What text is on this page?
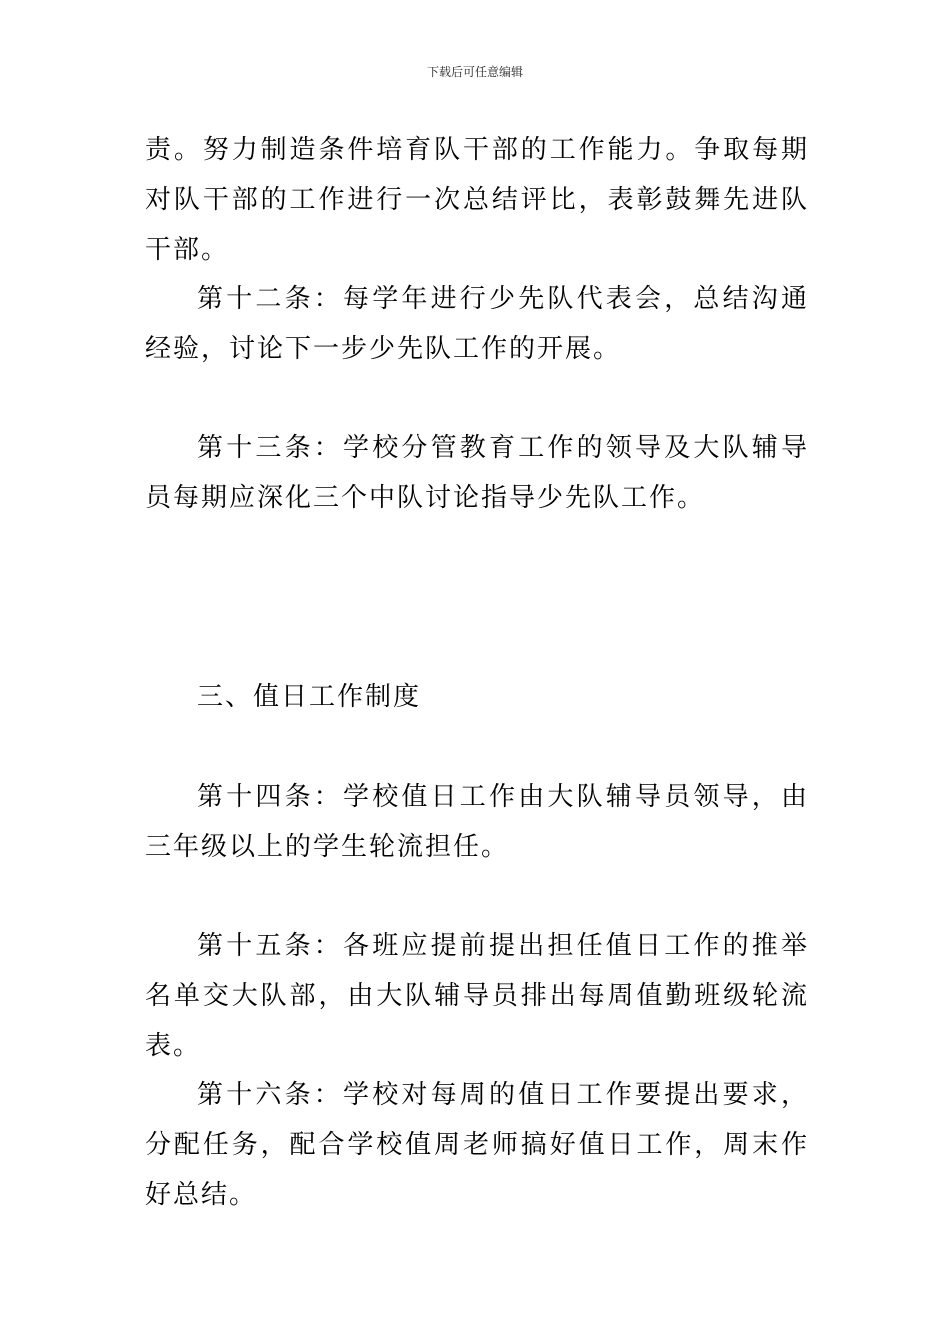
下载后可任意编辑

责。努力制造条件培育队干部的工作能力。争取每期对队干部的工作进行一次总结评比，表彰鼓舞先进队干部。

第十二条：每学年进行少先队代表会，总结沟通经验，讨论下一步少先队工作的开展。

第十三条：学校分管教育工作的领导及大队辅导员每期应深化三个中队讨论指导少先队工作。

三、值日工作制度

第十四条：学校值日工作由大队辅导员领导，由三年级以上的学生轮流担任。

第十五条：各班应提前提出担任值日工作的推举名单交大队部，由大队辅导员排出每周值勤班级轮流表。

第十六条：学校对每周的值日工作要提出要求，分配任务，配合学校值周老师搞好值日工作，周末作好总结。
